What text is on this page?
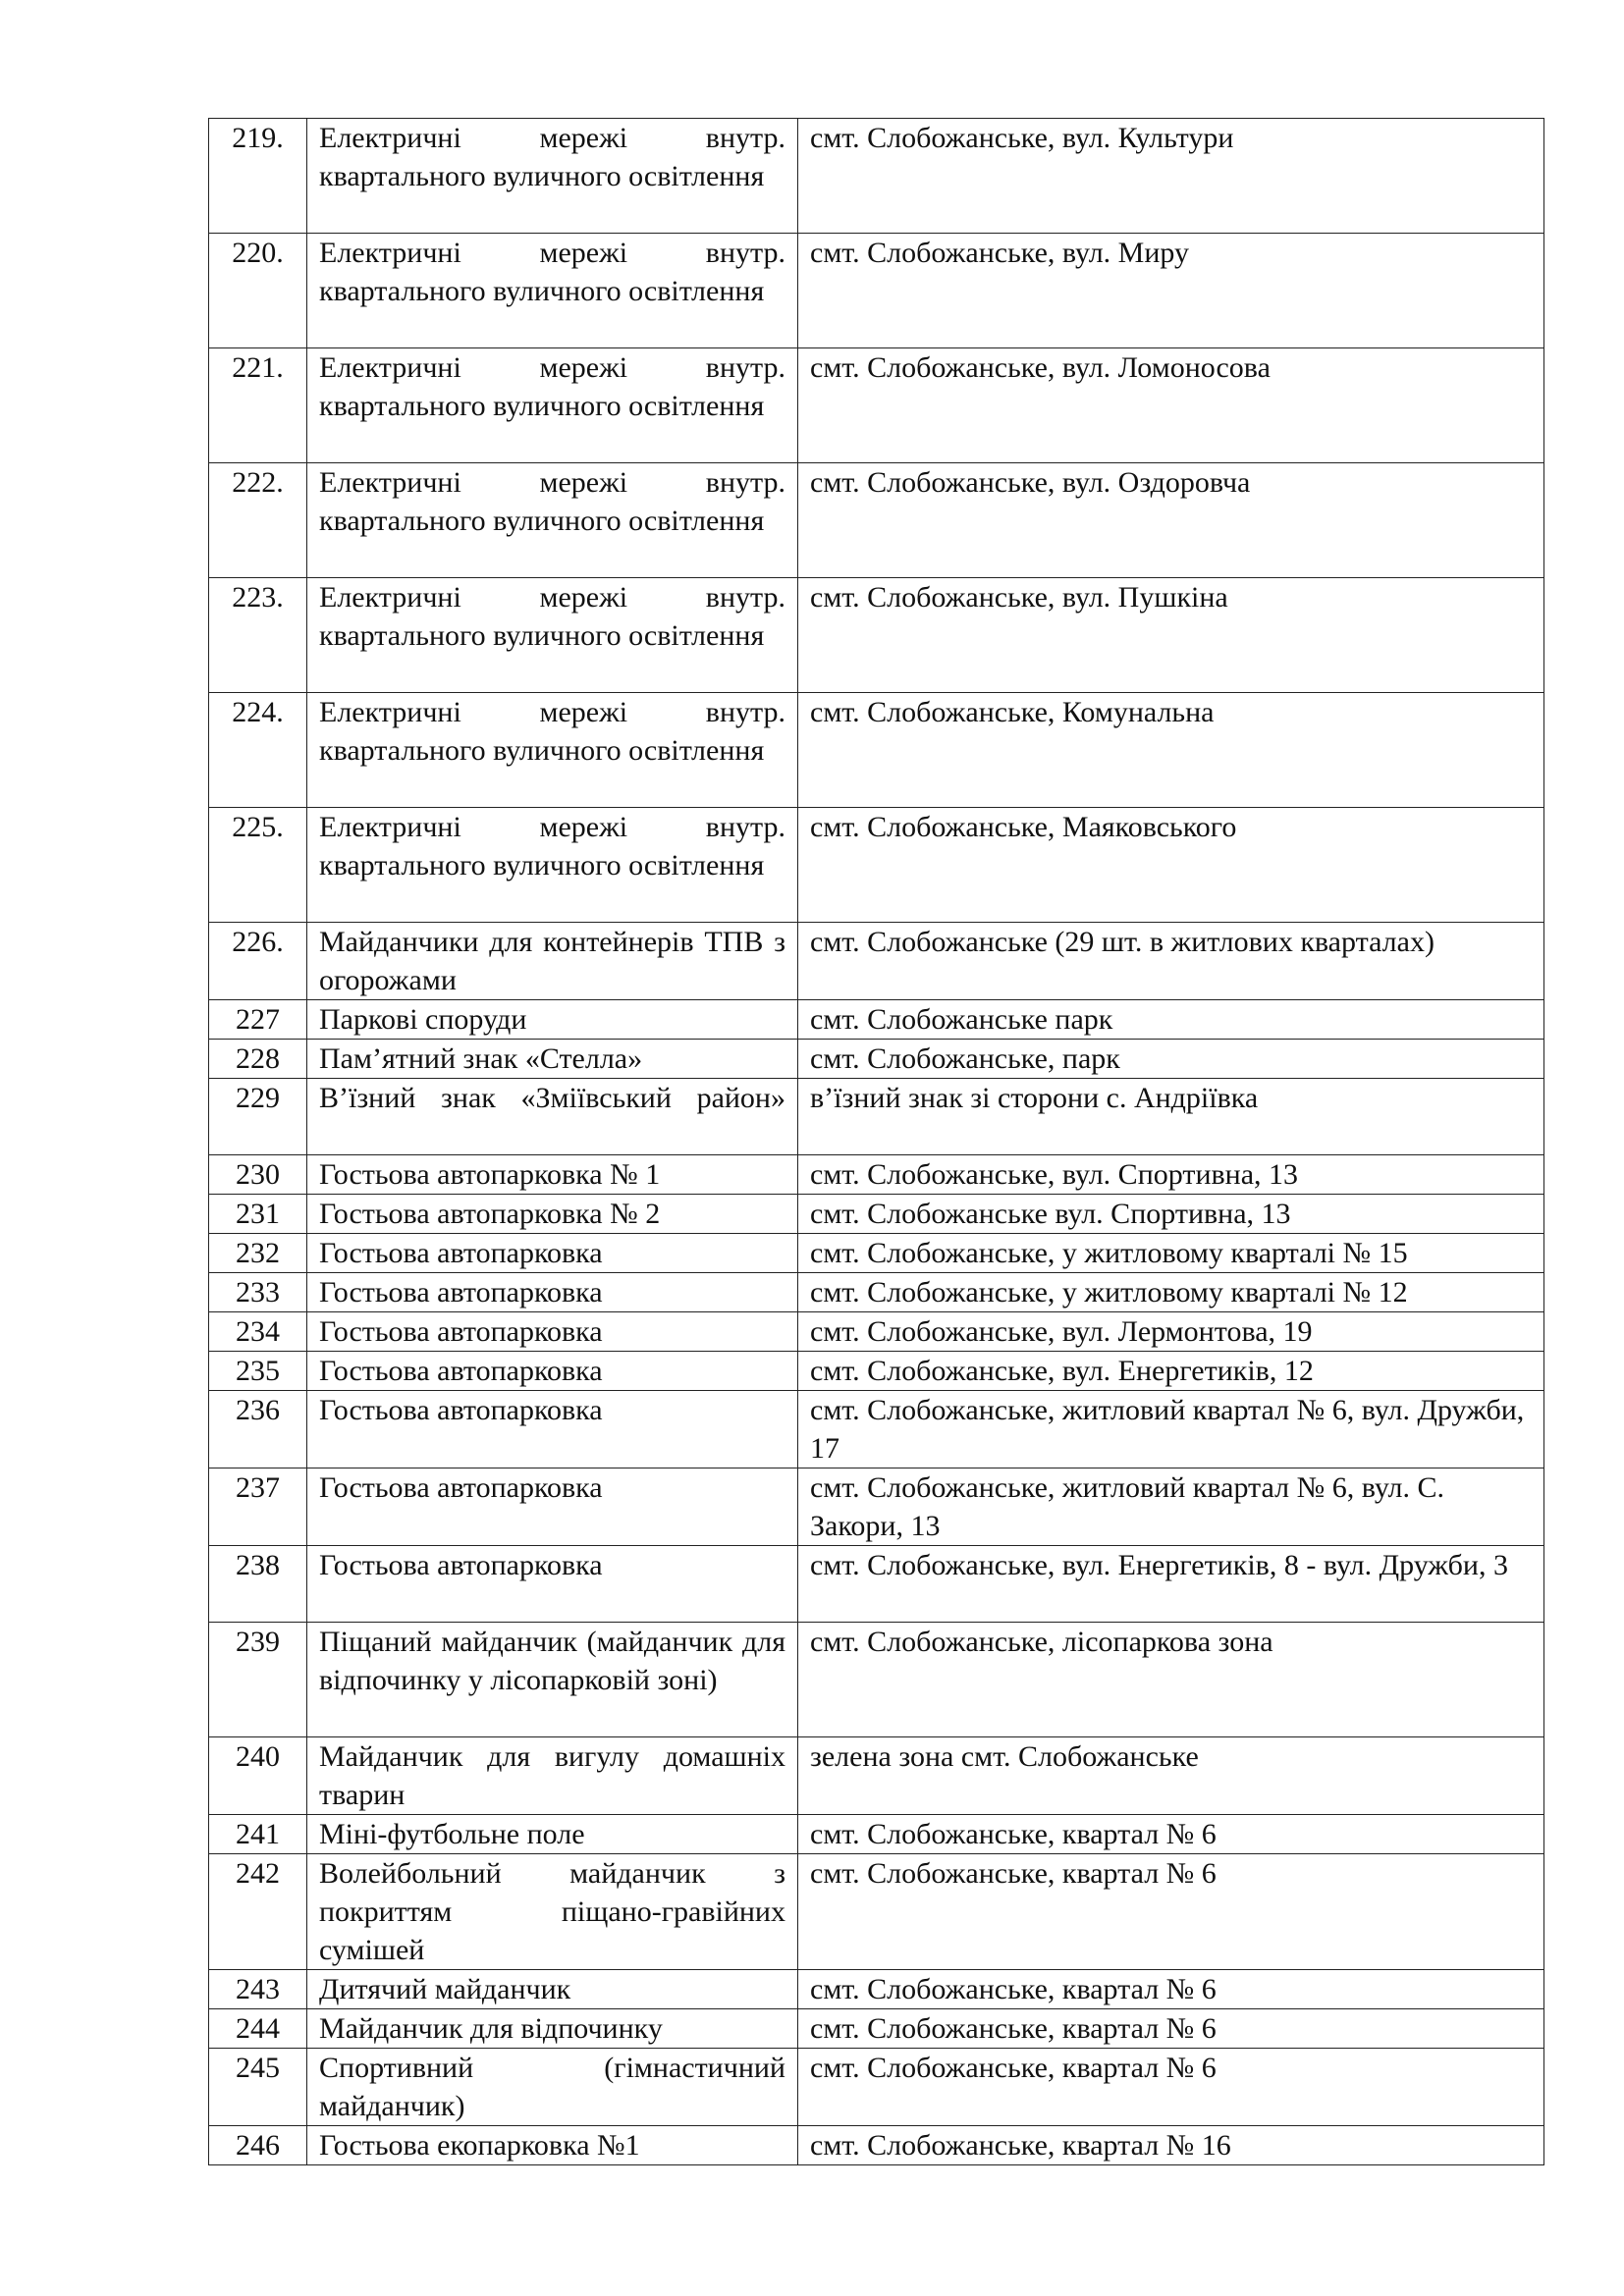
219.	Електричні мережі внутр. квартального вуличного освітлення	смт. Слобожанське, вул. Культури
220.	Електричні мережі внутр. квартального вуличного освітлення	смт. Слобожанське, вул. Миру
221.	Електричні мережі внутр. квартального вуличного освітлення	смт. Слобожанське, вул. Ломоносова
222.	Електричні мережі внутр. квартального вуличного освітлення	смт. Слобожанське, вул. Оздоровча
223.	Електричні мережі внутр. квартального вуличного освітлення	смт. Слобожанське, вул. Пушкіна
224.	Електричні мережі внутр. квартального вуличного освітлення	смт. Слобожанське, Комунальна
225.	Електричні мережі внутр. квартального вуличного освітлення	смт. Слобожанське, Маяковського
226.	Майданчики для контейнерів ТПВ з огорожами	смт. Слобожанське (29 шт. в житлових кварталах)
227	Паркові споруди	смт. Слобожанське парк
228	Пам’ятний знак «Стелла»	смт. Слобожанське, парк
229	В’їзний знак «Зміївський район»	в’їзний знак зі сторони с. Андріївка
230	Гостьова автопарковка № 1	смт. Слобожанське, вул. Спортивна, 13
231	Гостьова автопарковка № 2	смт. Слобожанське вул. Спортивна, 13
232	Гостьова автопарковка	смт. Слобожанське, у житловому кварталі № 15
233	Гостьова автопарковка	смт. Слобожанське, у житловому кварталі № 12
234	Гостьова автопарковка	смт. Слобожанське, вул. Лермонтова, 19
235	Гостьова автопарковка	смт. Слобожанське, вул. Енергетиків, 12
236	Гостьова автопарковка	смт. Слобожанське, житловий квартал № 6, вул. Дружби, 17
237	Гостьова автопарковка	смт. Слобожанське, житловий квартал № 6, вул. С. Закори, 13
238	Гостьова автопарковка	смт. Слобожанське, вул. Енергетиків, 8 - вул. Дружби, 3
239	Піщаний майданчик (майданчик для відпочинку у лісопарковій зоні)	смт. Слобожанське, лісопаркова зона
240	Майданчик для вигулу домашніх тварин	зелена зона смт. Слобожанське
241	Міні-футбольне поле	смт. Слобожанське, квартал № 6
242	Волейбольний майданчик з покриттям піщано-гравійних сумішей	смт. Слобожанське, квартал № 6
243	Дитячий майданчик	смт. Слобожанське, квартал № 6
244	Майданчик для відпочинку	смт. Слобожанське, квартал № 6
245	Спортивний (гімнастичний майданчик)	смт. Слобожанське, квартал № 6
246	Гостьова екопарковка №1	смт. Слобожанське, квартал № 16
